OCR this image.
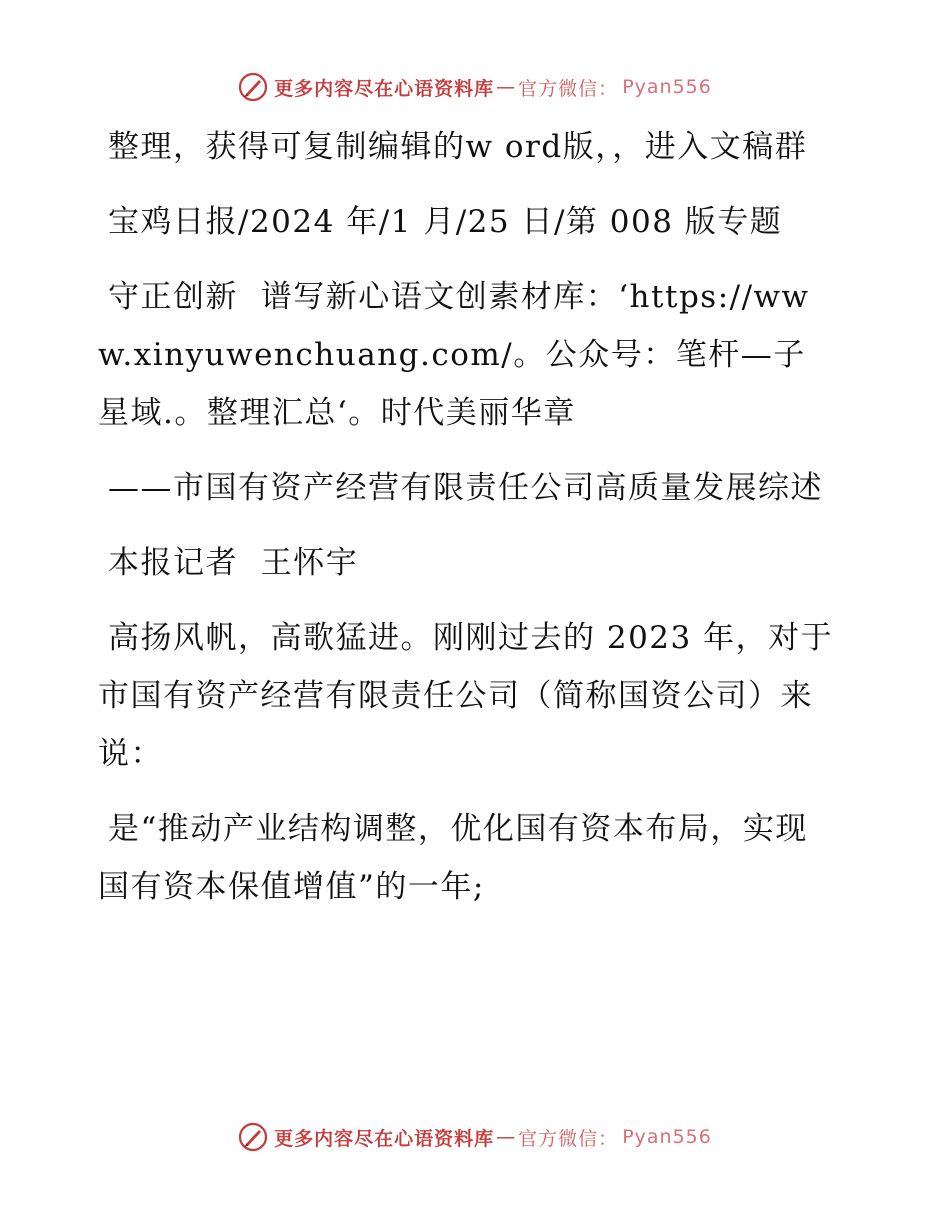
更多内容尽在心语资料库 — 官方微信： Pyan556

整理，获得可复制编辑的w ord版，，进入文稿群

宝鸡日报/2024 年/1 月/25 日/第 008 版专题

守正创新  谱写新心语文创素材库：‘https://www.xinyuwenchuang.com/。公众号：笔杆—子星域.。整理汇总‘。时代美丽华章

——市国有资产经营有限责任公司高质量发展综述

本报记者  王怀宇

高扬风帆，高歌猛进。刚刚过去的 2023 年，对于市国有资产经营有限责任公司（简称国资公司）来说：

是“推动产业结构调整，优化国有资本布局，实现国有资本保值增值”的一年;

更多内容尽在心语资料库 — 官方微信： Pyan556
